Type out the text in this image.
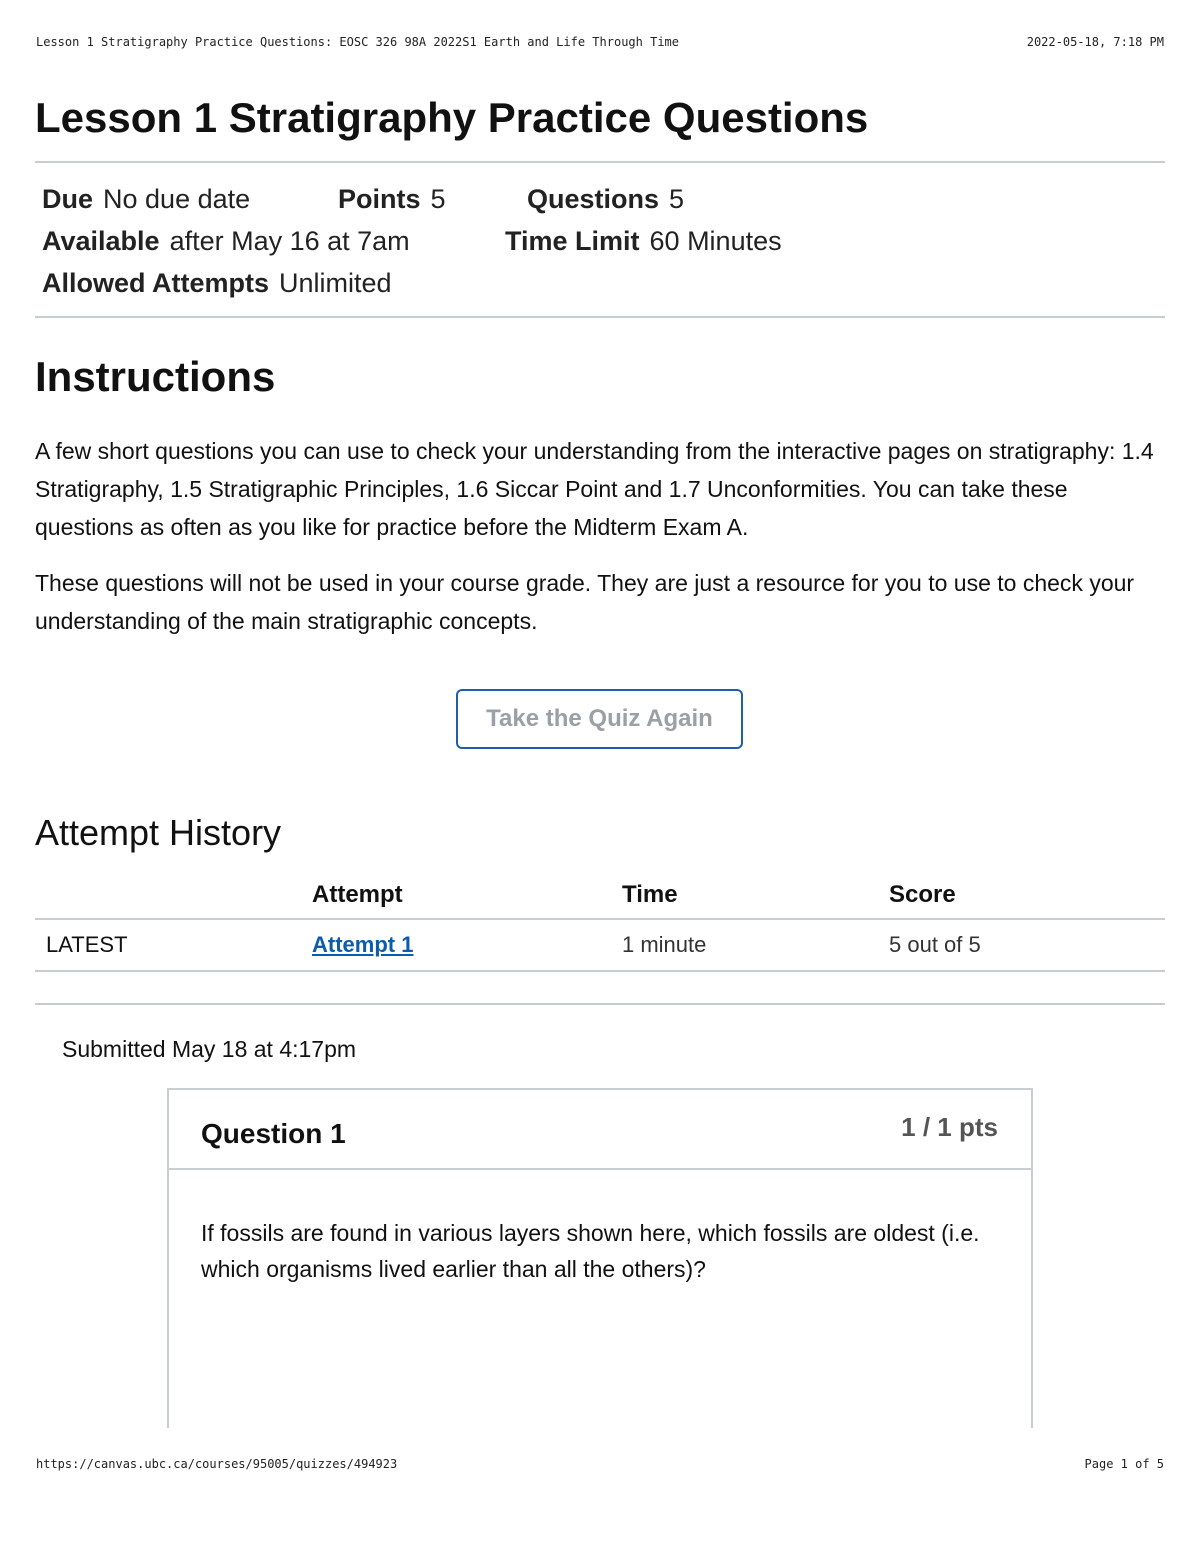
Lesson 1 Stratigraphy Practice Questions: EOSC 326 98A 2022S1 Earth and Life Through Time	2022-05-18, 7:18 PM
Lesson 1 Stratigraphy Practice Questions
Due No due date	Points 5	Questions 5
Available after May 16 at 7am	Time Limit 60 Minutes
Allowed Attempts Unlimited
Instructions

A few short questions you can use to check your understanding from the interactive pages on stratigraphy: 1.4 Stratigraphy, 1.5 Stratigraphic Principles, 1.6 Siccar Point and 1.7 Unconformities. You can take these questions as often as you like for practice before the Midterm Exam A.

These questions will not be used in your course grade. They are just a resource for you to use to check your understanding of the main stratigraphic concepts.

Take the Quiz Again
Attempt History
	Attempt	Time	Score
LATEST	Attempt 1	1 minute	5 out of 5
Submitted May 18 at 4:17pm
Question 1	1 / 1 pts

If fossils are found in various layers shown here, which fossils are oldest (i.e. which organisms lived earlier than all the others)?

https://canvas.ubc.ca/courses/95005/quizzes/494923	Page 1 of 5
